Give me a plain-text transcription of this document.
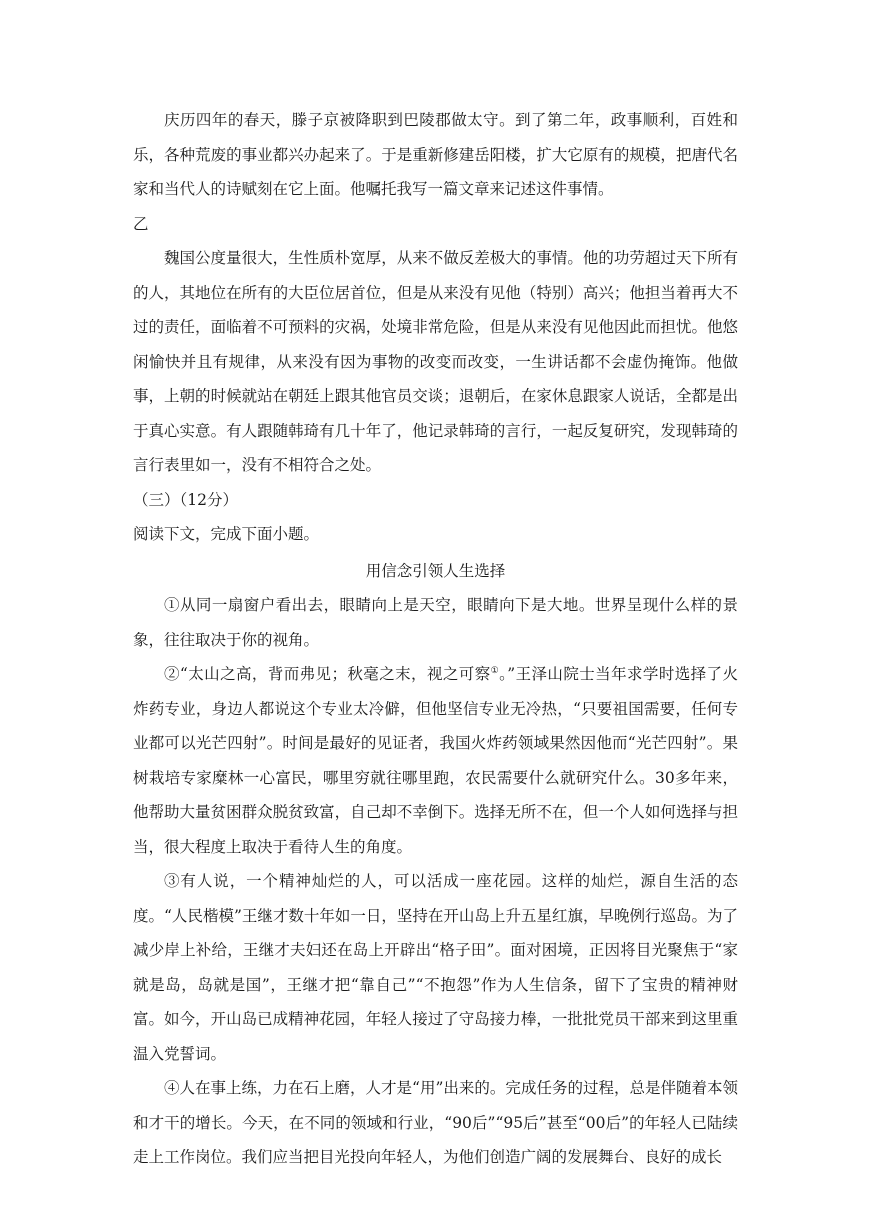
庆历四年的春天，滕子京被降职到巴陵郡做太守。到了第二年，政事顺利，百姓和乐，各种荒废的事业都兴办起来了。于是重新修建岳阳楼，扩大它原有的规模，把唐代名家和当代人的诗赋刻在它上面。他嘱托我写一篇文章来记述这件事情。

乙

魏国公度量很大，生性质朴宽厚，从来不做反差极大的事情。他的功劳超过天下所有的人，其地位在所有的大臣位居首位，但是从来没有见他（特别）高兴；他担当着再大不过的责任，面临着不可预料的灾祸，处境非常危险，但是从来没有见他因此而担忧。他悠闲愉快并且有规律，从来没有因为事物的改变而改变，一生讲话都不会虚伪掩饰。他做事，上朝的时候就站在朝廷上跟其他官员交谈；退朝后，在家休息跟家人说话，全都是出于真心实意。有人跟随韩琦有几十年了，他记录韩琦的言行，一起反复研究，发现韩琦的言行表里如一，没有不相符合之处。

（三）（12分）

阅读下文，完成下面小题。

用信念引领人生选择

①从同一扇窗户看出去，眼睛向上是天空，眼睛向下是大地。世界呈现什么样的景象，往往取决于你的视角。

②“太山之高，背而弗见；秋毫之末，视之可察①。”王泽山院士当年求学时选择了火炸药专业，身边人都说这个专业太冷僻，但他坚信专业无冷热，“只要祖国需要，任何专业都可以光芒四射”。时间是最好的见证者，我国火炸药领域果然因他而“光芒四射”。果树栽培专家糜林一心富民，哪里穷就往哪里跑，农民需要什么就研究什么。30多年来，他帮助大量贫困群众脱贫致富，自己却不幸倒下。选择无所不在，但一个人如何选择与担当，很大程度上取决于看待人生的角度。

③有人说，一个精神灿烂的人，可以活成一座花园。这样的灿烂，源自生活的态度。“人民楷模”王继才数十年如一日，坚持在开山岛上升五星红旗，早晚例行巡岛。为了减少岸上补给，王继才夫妇还在岛上开辟出“格子田”。面对困境，正因将目光聚焦于“家就是岛，岛就是国”，王继才把“靠自己”“不抱怨”作为人生信条，留下了宝贵的精神财富。如今，开山岛已成精神花园，年轻人接过了守岛接力棒，一批批党员干部来到这里重温入党誓词。

④人在事上练，力在石上磨，人才是“用”出来的。完成任务的过程，总是伴随着本领和才干的增长。今天，在不同的领域和行业，“90后”“95后”甚至“00后”的年轻人已陆续走上工作岗位。我们应当把目光投向年轻人，为他们创造广阔的发展舞台、良好的成长
